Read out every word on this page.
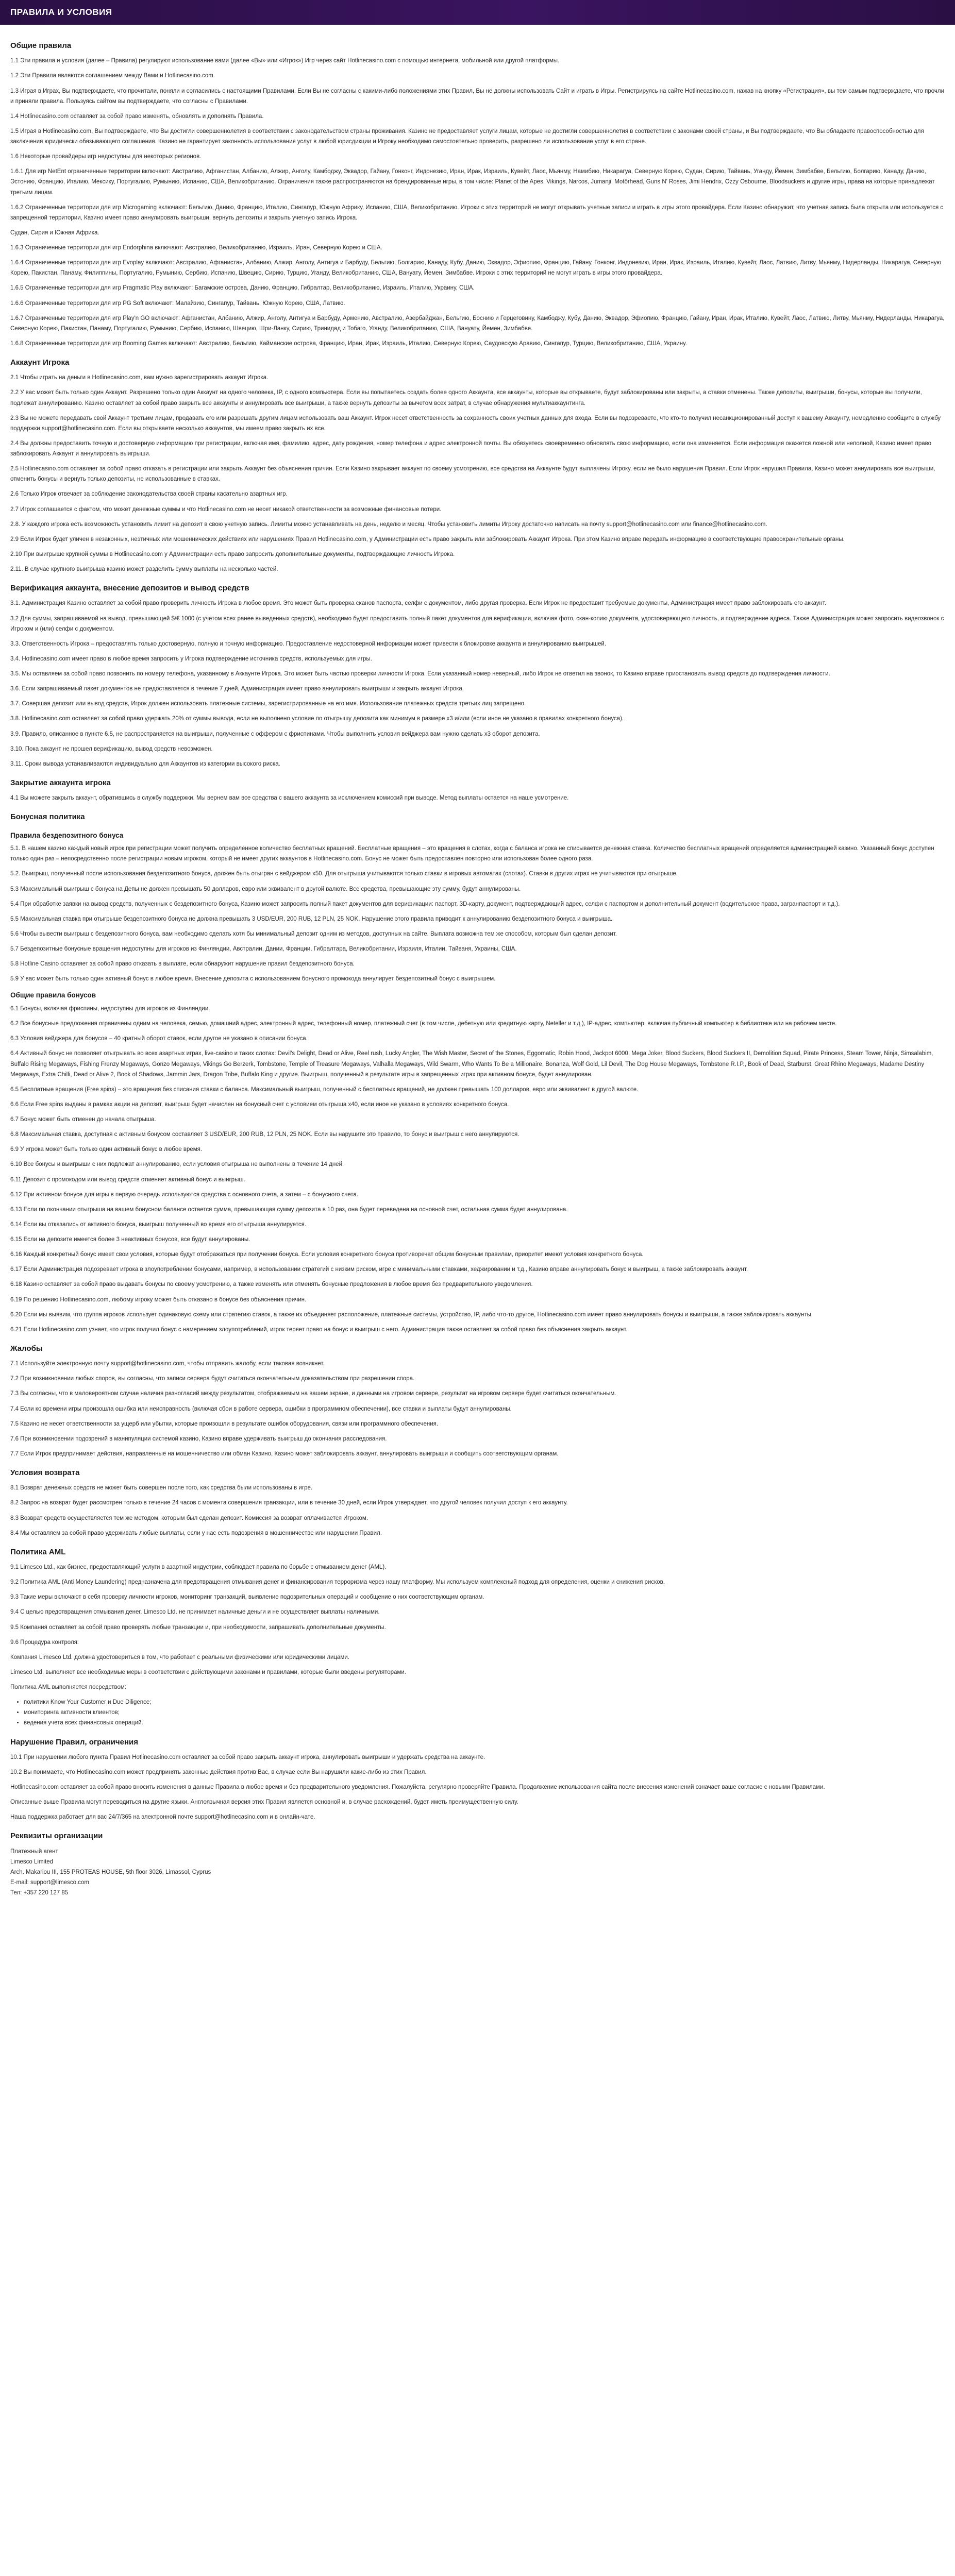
ПРАВИЛА И УСЛОВИЯ
Общие правила

1.1 Эти правила и условия (далее – Правила) регулируют использование вами (далее «Вы» или «Игрок») Игр через сайт Hotlinecasino.com с помощью интернета, мобильной или другой платформы.

1.2 Эти Правила являются соглашением между Вами и Hotlinecasino.com.

1.3 Играя в Играх, Вы подтверждаете, что прочитали, поняли и согласились с настоящими Правилами. Если Вы не согласны с какими-либо положениями этих Правил, Вы не должны использовать Сайт и играть в Игры. Регистрируясь на сайте Hotlinecasino.com, нажав на кнопку «Регистрация», вы тем самым подтверждаете, что прочли и приняли правила. Пользуясь сайтом вы подтверждаете, что согласны с Правилами.

1.4 Hotlinecasino.com оставляет за собой право изменять, обновлять и дополнять Правила.

1.5 Играя в Hotlinecasino.com, Вы подтверждаете, что Вы достигли совершеннолетия в соответствии с законодательством страны проживания. Казино не предоставляет услуги лицам, которые не достигли совершеннолетия в соответствии с законами своей страны, и Вы подтверждаете, что Вы обладаете правоспособностью для заключения юридически обязывающего соглашения. Казино не гарантирует законность использования услуг в любой юрисдикции и Игроку необходимо самостоятельно проверить, разрешено ли использование услуг в его стране.

1.6 Некоторые провайдеры игр недоступны для некоторых регионов.

1.6.1 Для игр NetEnt ограниченные территории включают: Австралию, Афганистан, Албанию, Алжир, Анголу, Камбоджу, Эквадор, Гайану, Гонконг, Индонезию, Иран, Ирак, Израиль, Кувейт, Лаос, Мьянму, Намибию, Никарагуа, Северную Корею, Судан, Сирию, Тайвань, Уганду, Йемен, Зимбабве, Бельгию, Болгарию, Канаду, Данию, Эстонию, Францию, Италию, Мексику, Португалию, Румынию, Испанию, США, Великобританию. Ограничения также распространяются на брендированные игры, в том числе: Planet of the Apes, Vikings, Narcos, Jumanji, Motörhead, Guns N' Roses, Jimi Hendrix, Ozzy Osbourne, Bloodsuckers и другие игры, права на которые принадлежат третьим лицам.

1.6.2 Ограниченные территории для игр Microgaming включают: Бельгию, Данию, Францию, Италию, Сингапур, Южную Африку, Испанию, США, Великобританию. Игроки с этих территорий не могут открывать учетные записи и играть в игры этого провайдера. Если Казино обнаружит, что учетная запись была открыта или используется с запрещенной территории, Казино имеет право аннулировать выигрыши, вернуть депозиты и закрыть учетную запись Игрока.

Судан, Сирия и Южная Африка.

1.6.3 Ограниченные территории для игр Endorphina включают: Австралию, Великобританию, Израиль, Иран, Северную Корею и США.

1.6.4 Ограниченные территории для игр Evoplay включают: Австралию, Афганистан, Албанию, Алжир, Анголу, Антигуа и Барбуду, Бельгию, Болгарию, Канаду, Кубу, Данию, Эквадор, Эфиопию, Францию, Гайану, Гонконг, Индонезию, Иран, Ирак, Израиль, Италию, Кувейт, Лаос, Латвию, Литву, Мьянму, Нидерланды, Никарагуа, Северную Корею, Пакистан, Панаму, Филиппины, Португалию, Румынию, Сербию, Испанию, Швецию, Сирию, Турцию, Уганду, Великобританию, США, Вануату, Йемен, Зимбабве. Игроки с этих территорий не могут играть в игры этого провайдера.

1.6.5 Ограниченные территории для игр Pragmatic Play включают: Багамские острова, Данию, Францию, Гибралтар, Великобританию, Израиль, Италию, Украину, США.

1.6.6 Ограниченные территории для игр PG Soft включают: Малайзию, Сингапур, Тайвань, Южную Корею, США, Латвию.

1.6.7 Ограниченные территории для игр Play'n GO включают: Афганистан, Албанию, Алжир, Анголу, Антигуа и Барбуду, Армению, Австралию, Азербайджан, Бельгию, Боснию и Герцеговину, Камбоджу, Кубу, Данию, Эквадор, Эфиопию, Францию, Гайану, Иран, Ирак, Италию, Кувейт, Лаос, Латвию, Литву, Мьянму, Нидерланды, Никарагуа, Северную Корею, Пакистан, Панаму, Португалию, Румынию, Сербию, Испанию, Швецию, Шри-Ланку, Сирию, Тринидад и Тобаго, Уганду, Великобританию, США, Вануату, Йемен, Зимбабве.

1.6.8 Ограниченные территории для игр Booming Games включают: Австралию, Бельгию, Кайманские острова, Францию, Иран, Ирак, Израиль, Италию, Северную Корею, Саудовскую Аравию, Сингапур, Турцию, Великобританию, США, Украину.

Аккаунт Игрока

2.1 Чтобы играть на деньги в Hotlinecasino.com, вам нужно зарегистрировать аккаунт Игрока.

2.2 У вас может быть только один Аккаунт. Разрешено только один Аккаунт на одного человека, IP, с одного компьютера. Если вы попытаетесь создать более одного Аккаунта, все аккаунты, которые вы открываете, будут заблокированы или закрыты, а ставки отменены. Также депозиты, выигрыши, бонусы, которые вы получили, подлежат аннулированию. Казино оставляет за собой право закрыть все аккаунты и аннулировать все выигрыши, а также вернуть депозиты за вычетом всех затрат, в случае обнаружения мультиаккаунтинга.

2.3 Вы не можете передавать свой Аккаунт третьим лицам, продавать его или разрешать другим лицам использовать ваш Аккаунт. Игрок несет ответственность за сохранность своих учетных данных для входа. Если вы подозреваете, что кто-то получил несанкционированный доступ к вашему Аккаунту, немедленно сообщите в службу поддержки support@hotlinecasino.com. Если вы открываете несколько аккаунтов, мы имеем право закрыть их все.

2.4 Вы должны предоставить точную и достоверную информацию при регистрации, включая имя, фамилию, адрес, дату рождения, номер телефона и адрес электронной почты. Вы обязуетесь своевременно обновлять свою информацию, если она изменяется. Если информация окажется ложной или неполной, Казино имеет право заблокировать Аккаунт и аннулировать выигрыши.

2.5 Hotlinecasino.com оставляет за собой право отказать в регистрации или закрыть Аккаунт без объяснения причин. Если Казино закрывает аккаунт по своему усмотрению, все средства на Аккаунте будут выплачены Игроку, если не было нарушения Правил. Если Игрок нарушил Правила, Казино может аннулировать все выигрыши, отменить бонусы и вернуть только депозиты, не использованные в ставках.

2.6 Только Игрок отвечает за соблюдение законодательства своей страны касательно азартных игр.

2.7 Игрок соглашается с фактом, что может денежные суммы и что Hotlinecasino.com не несет никакой ответственности за возможные финансовые потери.

2.8. У каждого игрока есть возможность установить лимит на депозит в свою учетную запись. Лимиты можно устанавливать на день, неделю и месяц. Чтобы установить лимиты Игроку достаточно написать на почту support@hotlinecasino.com или finance@hotlinecasino.com.

2.9 Если Игрок будет уличен в незаконных, неэтичных или мошеннических действиях или нарушениях Правил Hotlinecasino.com, у Администрации есть право закрыть или заблокировать Аккаунт Игрока. При этом Казино вправе передать информацию в соответствующие правоохранительные органы.

2.10 При выигрыше крупной суммы в Hotlinecasino.com у Администрации есть право запросить дополнительные документы, подтверждающие личность Игрока.

2.11. В случае крупного выигрыша казино может разделить сумму выплаты на несколько частей.

Верификация аккаунта, внесение депозитов и вывод средств

3.1. Администрация Казино оставляет за собой право проверить личность Игрока в любое время. Это может быть проверка сканов паспорта, селфи с документом, либо другая проверка. Если Игрок не предоставит требуемые документы, Администрация имеет право заблокировать его аккаунт.

3.2 Для суммы, запрашиваемой на вывод, превышающей $/€ 1000 (с учетом всех ранее выведенных средств), необходимо будет предоставить полный пакет документов для верификации, включая фото, скан-копию документа, удостоверяющего личность, и подтверждение адреса. Также Администрация может запросить видеозвонок с Игроком и (или) селфи с документом.

3.3. Ответственность Игрока – предоставлять только достоверную, полную и точную информацию. Предоставление недостоверной информации может привести к блокировке аккаунта и аннулированию выигрышей.

3.4. Hotlinecasino.com имеет право в любое время запросить у Игрока подтверждение источника средств, используемых для игры.

3.5. Мы оставляем за собой право позвонить по номеру телефона, указанному в Аккаунте Игрока. Это может быть частью проверки личности Игрока. Если указанный номер неверный, либо Игрок не ответил на звонок, то Казино вправе приостановить вывод средств до подтверждения личности.

3.6. Если запрашиваемый пакет документов не предоставляется в течение 7 дней, Администрация имеет право аннулировать выигрыши и закрыть аккаунт Игрока.

3.7. Совершая депозит или вывод средств, Игрок должен использовать платежные системы, зарегистрированные на его имя. Использование платежных средств третьих лиц запрещено.

3.8. Hotlinecasino.com оставляет за собой право удержать 20% от суммы вывода, если не выполнено условие по отыгрышу депозита как минимум в размере х3 и/или (если иное не указано в правилах конкретного бонуса).

3.9. Правило, описанное в пункте 6.5, не распространяется на выигрыши, полученные с оффером с фриспинами. Чтобы выполнить условия вейджера вам нужно сделать х3 оборот депозита.

3.10. Пока аккаунт не прошел верификацию, вывод средств невозможен.

3.11. Сроки вывода устанавливаются индивидуально для Аккаунтов из категории высокого риска.

Закрытие аккаунта игрока

4.1 Вы можете закрыть аккаунт, обратившись в службу поддержки. Мы вернем вам все средства с вашего аккаунта за исключением комиссий при выводе. Метод выплаты остается на наше усмотрение.

Бонусная политика
Правила бездепозитного бонуса

5.1. В нашем казино каждый новый игрок при регистрации может получить определенное количество бесплатных вращений. Бесплатные вращения – это вращения в слотах, когда с баланса игрока не списывается денежная ставка. Количество бесплатных вращений определяется администрацией казино. Указанный бонус доступен только один раз – непосредственно после регистрации новым игроком, который не имеет других аккаунтов в Hotlinecasino.com. Бонус не может быть предоставлен повторно или использован более одного раза.

5.2. Выигрыш, полученный после использования бездепозитного бонуса, должен быть отыгран с вейджером х50. Для отыгрыша учитываются только ставки в игровых автоматах (слотах). Ставки в других играх не учитываются при отыгрыше.

5.3 Максимальный выигрыш с бонуса на Депы не должен превышать 50 долларов, евро или эквивалент в другой валюте. Все средства, превышающие эту сумму, будут аннулированы.

5.4 При обработке заявки на вывод средств, полученных с бездепозитного бонуса, Казино может запросить полный пакет документов для верификации: паспорт, 3D-карту, документ, подтверждающий адрес, селфи с паспортом и дополнительный документ (водительское права, загранпаспорт и т.д.).

5.5 Максимальная ставка при отыгрыше бездепозитного бонуса не должна превышать 3 USD/EUR, 200 RUB, 12 PLN, 25 NOK. Нарушение этого правила приводит к аннулированию бездепозитного бонуса и выигрыша.

5.6 Чтобы вывести выигрыш с бездепозитного бонуса, вам необходимо сделать хотя бы минимальный депозит одним из методов, доступных на сайте. Выплата возможна тем же способом, которым был сделан депозит.

5.7 Бездепозитные бонусные вращения недоступны для игроков из Финляндии, Австралии, Дании, Франции, Гибралтара, Великобритании, Израиля, Италии, Тайваня, Украины, США.

5.8 Hotline Casino оставляет за собой право отказать в выплате, если обнаружит нарушение правил бездепозитного бонуса.

5.9 У вас может быть только один активный бонус в любое время. Внесение депозита с использованием бонусного промокода аннулирует бездепозитный бонус с выигрышем.

Общие правила бонусов

6.1 Бонусы, включая фриспины, недоступны для игроков из Финляндии.

6.2 Все бонусные предложения ограничены одним на человека, семью, домашний адрес, электронный адрес, телефонный номер, платежный счет (в том числе, дебетную или кредитную карту, Neteller и т.д.), IP-адрес, компьютер, включая публичный компьютер в библиотеке или на рабочем месте.

6.3 Условия вейджера для бонусов – 40 кратный оборот ставок, если другое не указано в описании бонуса.

6.4 Активный бонус не позволяет отыгрывать во всех азартных играх, live-casino и таких слотах: Devil's Delight, Dead or Alive, Reel rush, Lucky Angler, The Wish Master, Secret of the Stones, Eggomatic, Robin Hood, Jackpot 6000, Mega Joker, Blood Suckers, Blood Suckers II, Demolition Squad, Pirate Princess, Steam Tower, Ninja, Simsalabim, Buffalo Rising Megaways, Fishing Frenzy Megaways, Gonzo Megaways, Vikings Go Berzerk, Tombstone, Temple of Treasure Megaways, Valhalla Megaways, Wild Swarm, Who Wants To Be a Millionaire, Bonanza, Wolf Gold, Lil Devil, The Dog House Megaways, Tombstone R.I.P., Book of Dead, Starburst, Great Rhino Megaways, Madame Destiny Megaways, Extra Chilli, Dead or Alive 2, Book of Shadows, Jammin Jars, Dragon Tribe, Buffalo King и другие. Выигрыш, полученный в результате игры в запрещенных играх при активном бонусе, будет аннулирован.

6.5 Бесплатные вращения (Free spins) – это вращения без списания ставки с баланса. Максимальный выигрыш, полученный с бесплатных вращений, не должен превышать 100 долларов, евро или эквивалент в другой валюте.

6.6 Если Free spins выданы в рамках акции на депозит, выигрыш будет начислен на бонусный счет с условием отыгрыша х40, если иное не указано в условиях конкретного бонуса.

6.7 Бонус может быть отменен до начала отыгрыша.

6.8 Максимальная ставка, доступная с активным бонусом составляет 3 USD/EUR, 200 RUB, 12 PLN, 25 NOK. Если вы нарушите это правило, то бонус и выигрыш с него аннулируются.

6.9 У игрока может быть только один активный бонус в любое время.

6.10 Все бонусы и выигрыши с них подлежат аннулированию, если условия отыгрыша не выполнены в течение 14 дней.

6.11 Депозит с промокодом или вывод средств отменяет активный бонус и выигрыш.

6.12 При активном бонусе для игры в первую очередь используются средства с основного счета, а затем – с бонусного счета.

6.13 Если по окончании отыгрыша на вашем бонусном балансе остается сумма, превышающая сумму депозита в 10 раз, она будет переведена на основной счет, остальная сумма будет аннулирована.

6.14 Если вы отказались от активного бонуса, выигрыш полученный во время его отыгрыша аннулируется.

6.15 Если на депозите имеется более 3 неактивных бонусов, все будут аннулированы.

6.16 Каждый конкретный бонус имеет свои условия, которые будут отображаться при получении бонуса. Если условия конкретного бонуса противоречат общим бонусным правилам, приоритет имеют условия конкретного бонуса.

6.17 Если Администрация подозревает игрока в злоупотреблении бонусами, например, в использовании стратегий с низким риском, игре с минимальными ставками, хеджировании и т.д., Казино вправе аннулировать бонус и выигрыш, а также заблокировать аккаунт.

6.18 Казино оставляет за собой право выдавать бонусы по своему усмотрению, а также изменять или отменять бонусные предложения в любое время без предварительного уведомления.

6.19 По решению Hotlinecasino.com, любому игроку может быть отказано в бонусе без объяснения причин.

6.20 Если мы выявим, что группа игроков использует одинаковую схему или стратегию ставок, а также их объединяет расположение, платежные системы, устройство, IP, либо что-то другое, Hotlinecasino.com имеет право аннулировать бонусы и выигрыши, а также заблокировать аккаунты.

6.21 Если Hotlinecasino.com узнает, что игрок получил бонус с намерением злоупотреблений, игрок теряет право на бонус и выигрыш с него. Администрация также оставляет за собой право без объяснения закрыть аккаунт.

Жалобы

7.1 Используйте электронную почту support@hotlinecasino.com, чтобы отправить жалобу, если таковая возникнет.

7.2 При возникновении любых споров, вы согласны, что записи сервера будут считаться окончательным доказательством при разрешении спора.

7.3 Вы согласны, что в маловероятном случае наличия разногласий между результатом, отображаемым на вашем экране, и данными на игровом сервере, результат на игровом сервере будет считаться окончательным.

7.4 Если ко времени игры произошла ошибка или неисправность (включая сбои в работе сервера, ошибки в программном обеспечении), все ставки и выплаты будут аннулированы.

7.5 Казино не несет ответственности за ущерб или убытки, которые произошли в результате ошибок оборудования, связи или программного обеспечения.

7.6 При возникновении подозрений в манипуляции системой казино, Казино вправе удерживать выигрыш до окончания расследования.

7.7 Если Игрок предпринимает действия, направленные на мошенничество или обман Казино, Казино может заблокировать аккаунт, аннулировать выигрыши и сообщить соответствующим органам.

Условия возврата

8.1 Возврат денежных средств не может быть совершен после того, как средства были использованы в игре.

8.2 Запрос на возврат будет рассмотрен только в течение 24 часов с момента совершения транзакции, или в течение 30 дней, если Игрок утверждает, что другой человек получил доступ к его аккаунту.

8.3 Возврат средств осуществляется тем же методом, которым был сделан депозит. Комиссия за возврат оплачивается Игроком.

8.4 Мы оставляем за собой право удерживать любые выплаты, если у нас есть подозрения в мошенничестве или нарушении Правил.

Политика AML

9.1 Limesco Ltd., как бизнес, предоставляющий услуги в азартной индустрии, соблюдает правила по борьбе с отмыванием денег (AML).

9.2 Политика AML (Anti Money Laundering) предназначена для предотвращения отмывания денег и финансирования терроризма через нашу платформу. Мы используем комплексный подход для определения, оценки и снижения рисков.

9.3 Такие меры включают в себя проверку личности игроков, мониторинг транзакций, выявление подозрительных операций и сообщение о них соответствующим органам.

9.4 С целью предотвращения отмывания денег, Limesco Ltd. не принимает наличные деньги и не осуществляет выплаты наличными.

9.5 Компания оставляет за собой право проверять любые транзакции и, при необходимости, запрашивать дополнительные документы.

9.6 Процедура контроля:

Компания Limesco Ltd. должна удостовериться в том, что работает с реальными физическими или юридическими лицами.

Limesco Ltd. выполняет все необходимые меры в соответствии с действующими законами и правилами, которые были введены регуляторами.

Политика AML выполняется посредством:

• политики Know Your Customer и Due Diligence;
• мониторинга активности клиентов;
• ведения учета всех финансовых операций.
Нарушение Правил, ограничения

10.1 При нарушении любого пункта Правил Hotlinecasino.com оставляет за собой право закрыть аккаунт игрока, аннулировать выигрыши и удержать средства на аккаунте.

10.2 Вы понимаете, что Hotlinecasino.com может предпринять законные действия против Вас, в случае если Вы нарушили какие-либо из этих Правил.

Hotlinecasino.com оставляет за собой право вносить изменения в данные Правила в любое время и без предварительного уведомления. Пожалуйста, регулярно проверяйте Правила. Продолжение использования сайта после внесения изменений означает ваше согласие с новыми Правилами.

Описанные выше Правила могут переводиться на другие языки. Англоязычная версия этих Правил является основной и, в случае расхождений, будет иметь преимущественную силу.

Наша поддержка работает для вас 24/7/365 на электронной почте support@hotlinecasino.com и в онлайн-чате.

Реквизиты организации

Платежный агент

Limesco Limited

Arch. Makariou III, 155 PROTEAS HOUSE, 5th floor 3026, Limassol, Cyprus

E-mail: support@limesco.com

Тел: +357 220 127 85
